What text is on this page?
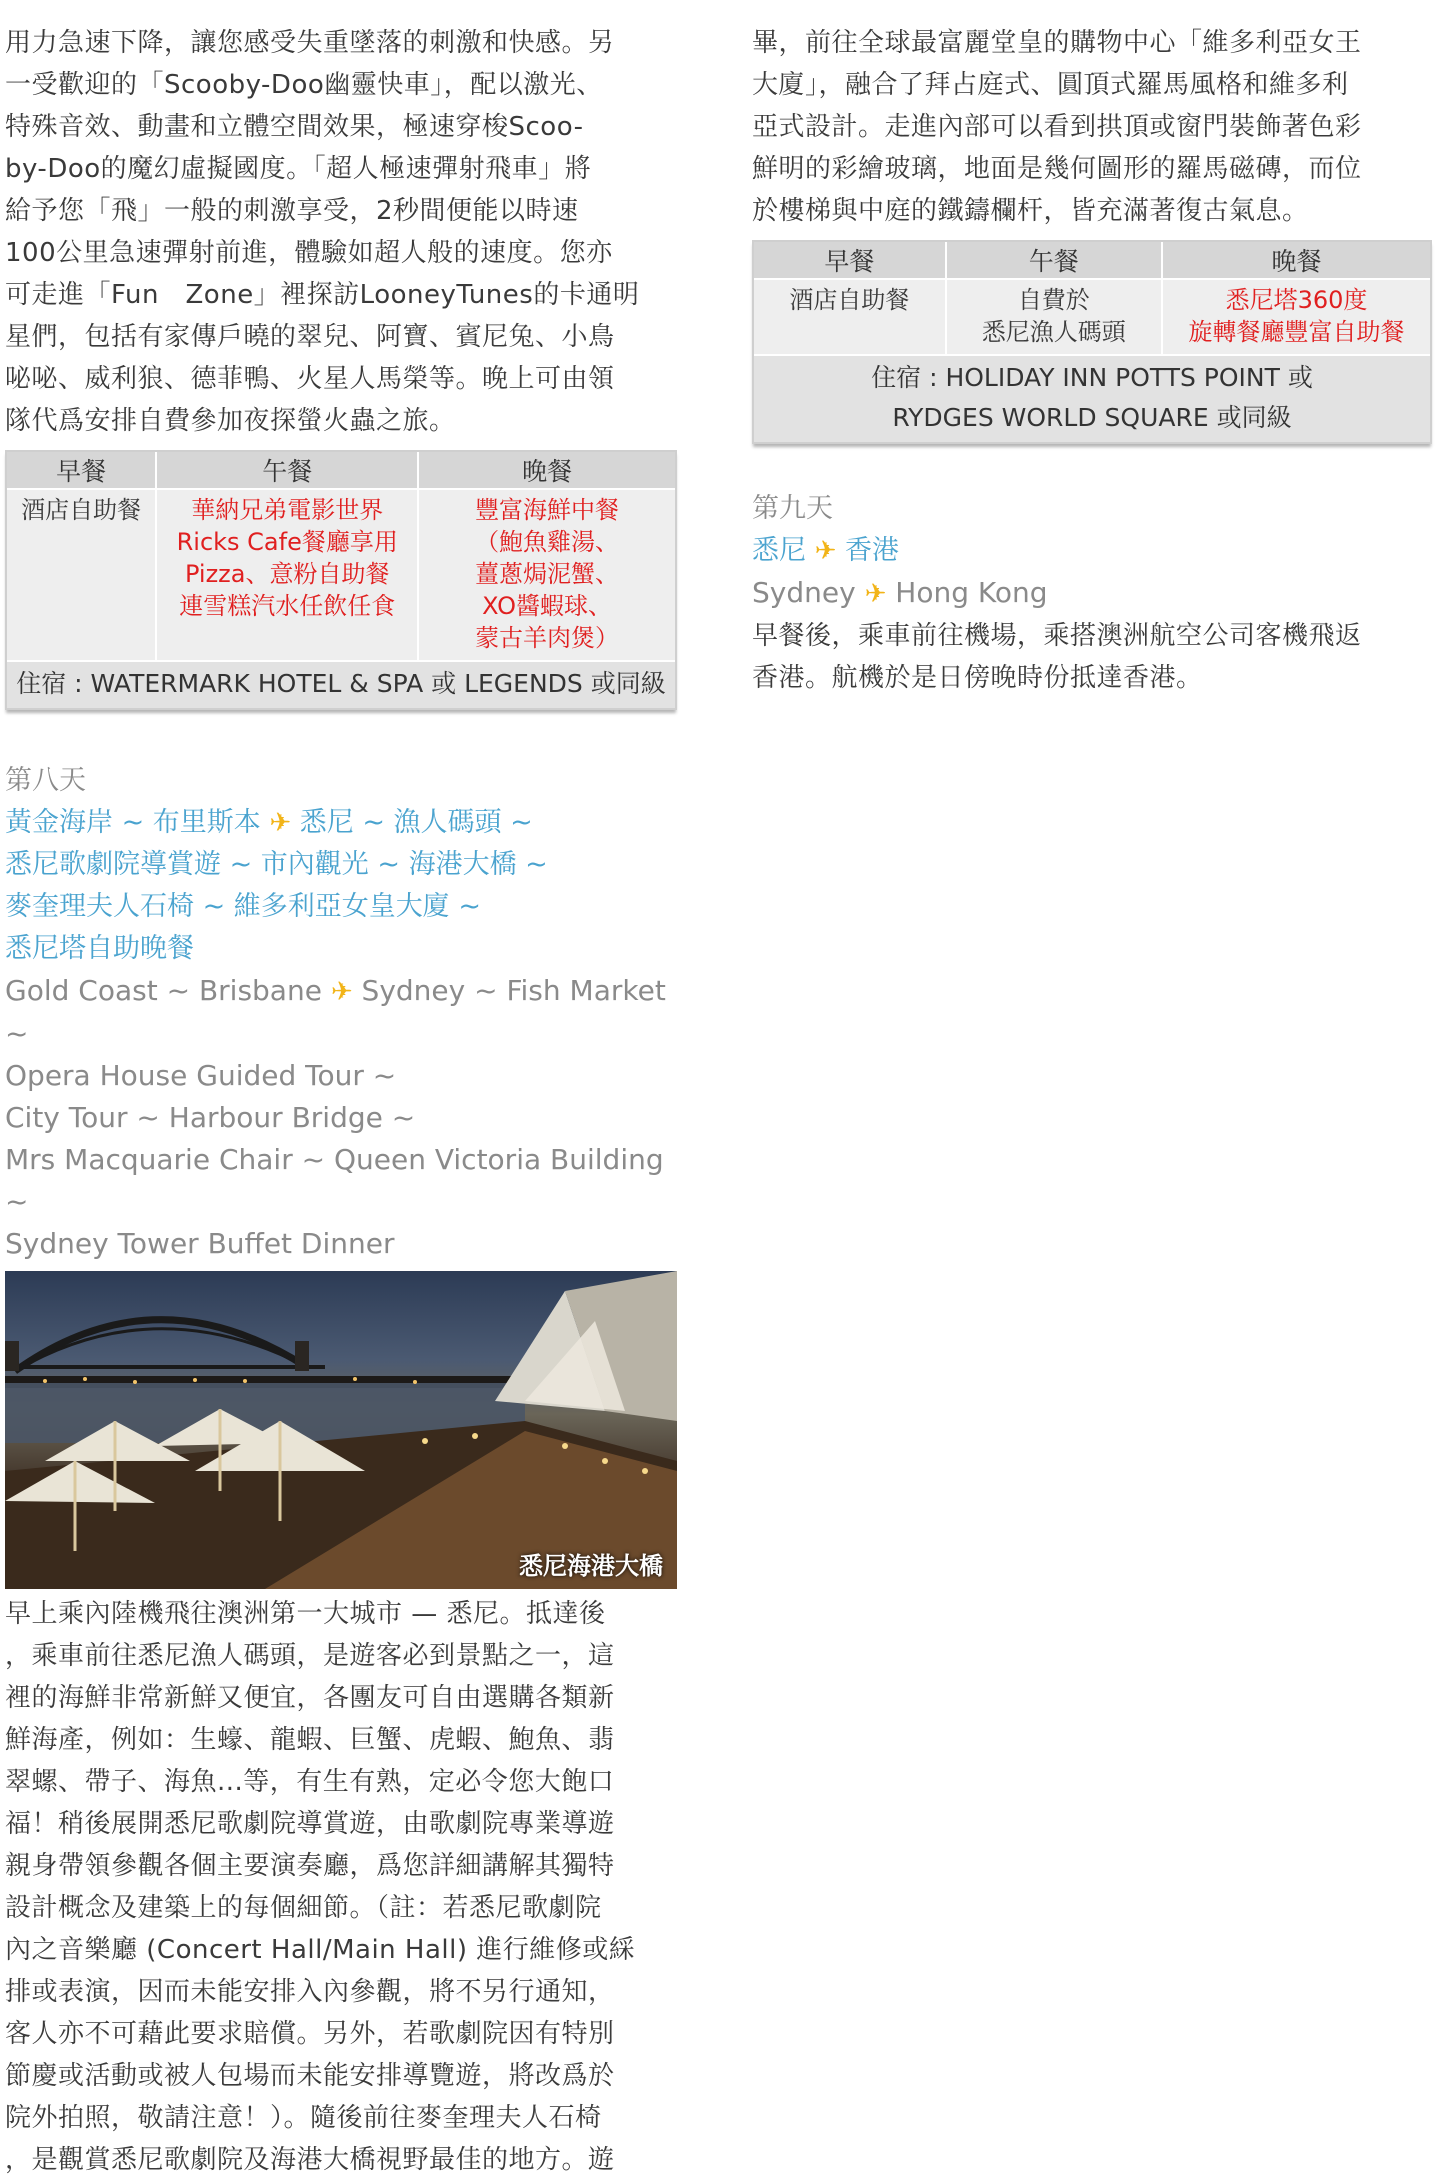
用力急速下降，讓您感受失重墜落的刺激和快感。另
一受歡迎的「Scooby-Doo幽靈快車」，配以激光、
特殊音效、動畫和立體空間效果，極速穿梭Scoo-
by-Doo的魔幻虛擬國度。「超人極速彈射飛車」將
給予您「飛」一般的刺激享受，2秒間便能以時速
100公里急速彈射前進，體驗如超人般的速度。您亦
可走進「Fun　Zone」裡探訪LooneyTunes的卡通明
星們，包括有家傳戶曉的翠兒、阿寶、賓尼兔、小鳥
咇咇、威利狼、德菲鴨、火星人馬榮等。晚上可由領
隊代爲安排自費參加夜探螢火蟲之旅。
早餐	午餐	晚餐

酒店自助餐	華納兄弟電影世界
Ricks Cafe餐廳享用
Pizza、意粉自助餐
連雪糕汽水任飲任食	豐富海鮮中餐
（鮑魚雞湯、
薑蔥焗泥蟹、
XO醬蝦球、
蒙古羊肉煲）

住宿 : WATERMARK HOTEL & SPA 或 LEGENDS 或同級		

第八天

黃金海岸 ~ 布里斯本 ✈ 悉尼 ~ 漁人碼頭 ~

悉尼歌劇院導賞遊 ~ 市內觀光 ~ 海港大橋 ~

麥奎理夫人石椅 ~ 維多利亞女皇大廈 ~

悉尼塔自助晚餐

Gold Coast ~ Brisbane ✈ Sydney ~ Fish Market ~

Opera House Guided Tour ~

City Tour ~ Harbour Bridge ~

Mrs Macquarie Chair ~ Queen Victoria Building ~

Sydney Tower Buffet Dinner

悉尼海港大橋
早上乘內陸機飛往澳洲第一大城市 — 悉尼。抵達後
，乘車前往悉尼漁人碼頭，是遊客必到景點之一，這
裡的海鮮非常新鮮又便宜，各團友可自由選購各類新
鮮海產，例如：生蠔、龍蝦、巨蟹、虎蝦、鮑魚、翡
翠螺、帶子、海魚...等，有生有熟，定必令您大飽口
福！稍後展開悉尼歌劇院導賞遊，由歌劇院專業導遊
親身帶領參觀各個主要演奏廳，爲您詳細講解其獨特
設計概念及建築上的每個細節。（註：若悉尼歌劇院
內之音樂廳 (Concert Hall/Main Hall) 進行維修或綵
排或表演，因而未能安排入內參觀，將不另行通知，
客人亦不可藉此要求賠償。另外，若歌劇院因有特別
節慶或活動或被人包場而未能安排導覽遊，將改爲於
院外拍照，敬請注意！）。隨後前往麥奎理夫人石椅
，是觀賞悉尼歌劇院及海港大橋視野最佳的地方。遊
畢，前往全球最富麗堂皇的購物中心「維多利亞女王
大廈」，融合了拜占庭式、圓頂式羅馬風格和維多利
亞式設計。走進內部可以看到拱頂或窗門裝飾著色彩
鮮明的彩繪玻璃，地面是幾何圖形的羅馬磁磚，而位
於樓梯與中庭的鐵鑄欄杆，皆充滿著復古氣息。
早餐	午餐	晚餐

酒店自助餐	自費於
悉尼漁人碼頭	悉尼塔360度
旋轉餐廳豐富自助餐

住宿 : HOLIDAY INN POTTS POINT 或
RYDGES WORLD SQUARE 或同級		

第九天

悉尼 ✈ 香港

Sydney ✈ Hong Kong

早餐後，乘車前往機場，乘搭澳洲航空公司客機飛返
香港。航機於是日傍晚時份抵達香港。
